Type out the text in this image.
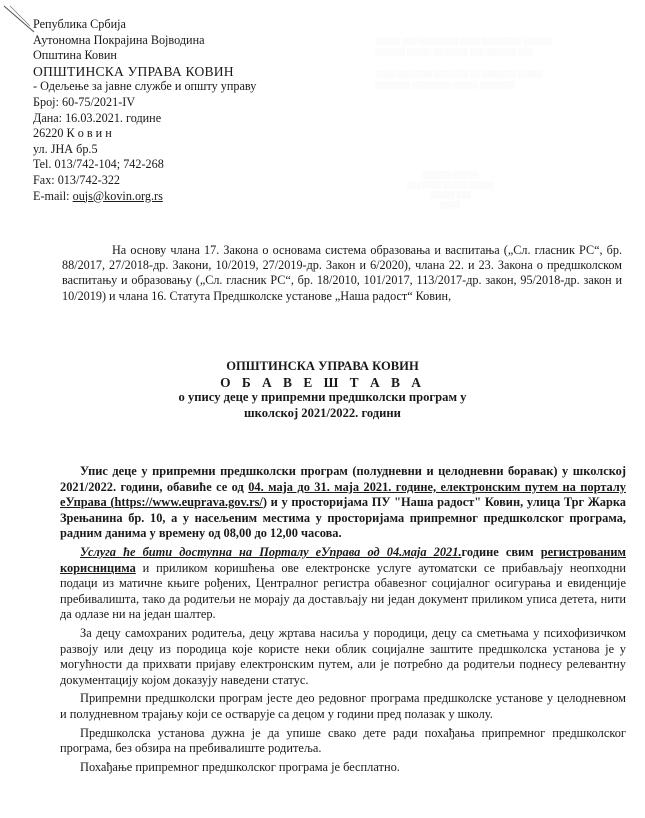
░░░░░ ░░░ ░░░░░░░░ ░░░░ ░░░░░░░░ ░░░░░░
░░░░░░ ░░░░░ ░░░░░░░ ░░░ ░░░░░░ ░░░

░░░░ ░░░░░░░ ░░░░░░░ ░░ ░░░░░░░ ░░░░░
░░░░░░░ ░░░░░░░░ ░░░░░ ░░░░░░░
░░░░░░ ░░░░░
░░░░░░░ ░░░░░ ░░░░░
░░░░░ ░░░
░░░░
Република Србија
Аутономна Покрајина Војводина
Општина Ковин
ОПШТИНСКА УПРАВА КОВИН
- Одељење за јавне службе и општу управу
Број: 60-75/2021-IV
Дана: 16.03.2021. године
26220 К о в и н
ул. ЈНА бр.5
Tel. 013/742-104; 742-268
Fax: 013/742-322
E-mail: oujs@kovin.org.rs
На основу члана 17. Закона о основама система образовања и васпитања („Сл. гласник РС“, бр. 88/2017, 27/2018-др. Закони, 10/2019, 27/2019-др. Закон и 6/2020), члана 22. и 23. Закона о предшколском васпитању и образовању („Сл. гласник РС“, бр. 18/2010, 101/2017, 113/2017-др. закон, 95/2018-др. закон и 10/2019) и члана 16. Статута Предшколске установе „Наша радост“ Ковин,
ОПШТИНСКА УПРАВА КОВИН
О Б А В Е Ш Т А В А
о упису деце у припремни предшколски програм у
школској 2021/2022. години

Упис деце у припремни предшколски програм (полудневни и целодневни боравак) у школској 2021/2022. години, обавиће се од 04. маја до 31. маја 2021. године, електронским путем на порталу еУправа (https://www.euprava.gov.rs/) и у просторијама ПУ "Наша радост" Ковин, улица Трг Жарка Зрењанина бр. 10, а у насељеним местима у просторијама припремног предшколског програма, радним данима у времену од 08,00 до 12,00 часова.

Услуга ће бити доступна на Порталу еУправа од 04.маја 2021.године свим регистрованим корисницима и приликом коришћења ове електронске услуге аутоматски се прибављају неопходни подаци из матичне књиге рођених, Централног регистра обавезног социјалног осигурања и евиденције пребивалишта, тако да родитељи не морају да достављају ни један документ приликом уписа детета, нити да одлазе ни на један шалтер.

За децу самохраних родитеља, децу жртава насиља у породици, децу са сметњама у психофизичком развоју или децу из породица које користе неки облик социјалне заштите предшколска установа је у могућности да прихвати пријаву електронским путем, али је потребно да родитељи поднесу релевантну документацију којом доказују наведени статус.

Припремни предшколски програм јесте део редовног програма предшколске установе у целодневном и полудневном трајању који се остварује са децом у години пред полазак у школу.

Предшколска установа дужна је да упише свако дете ради похађања припремног предшколског програма, без обзира на пребивалиште родитеља.

Похађање припремног предшколског програма је бесплатно.
